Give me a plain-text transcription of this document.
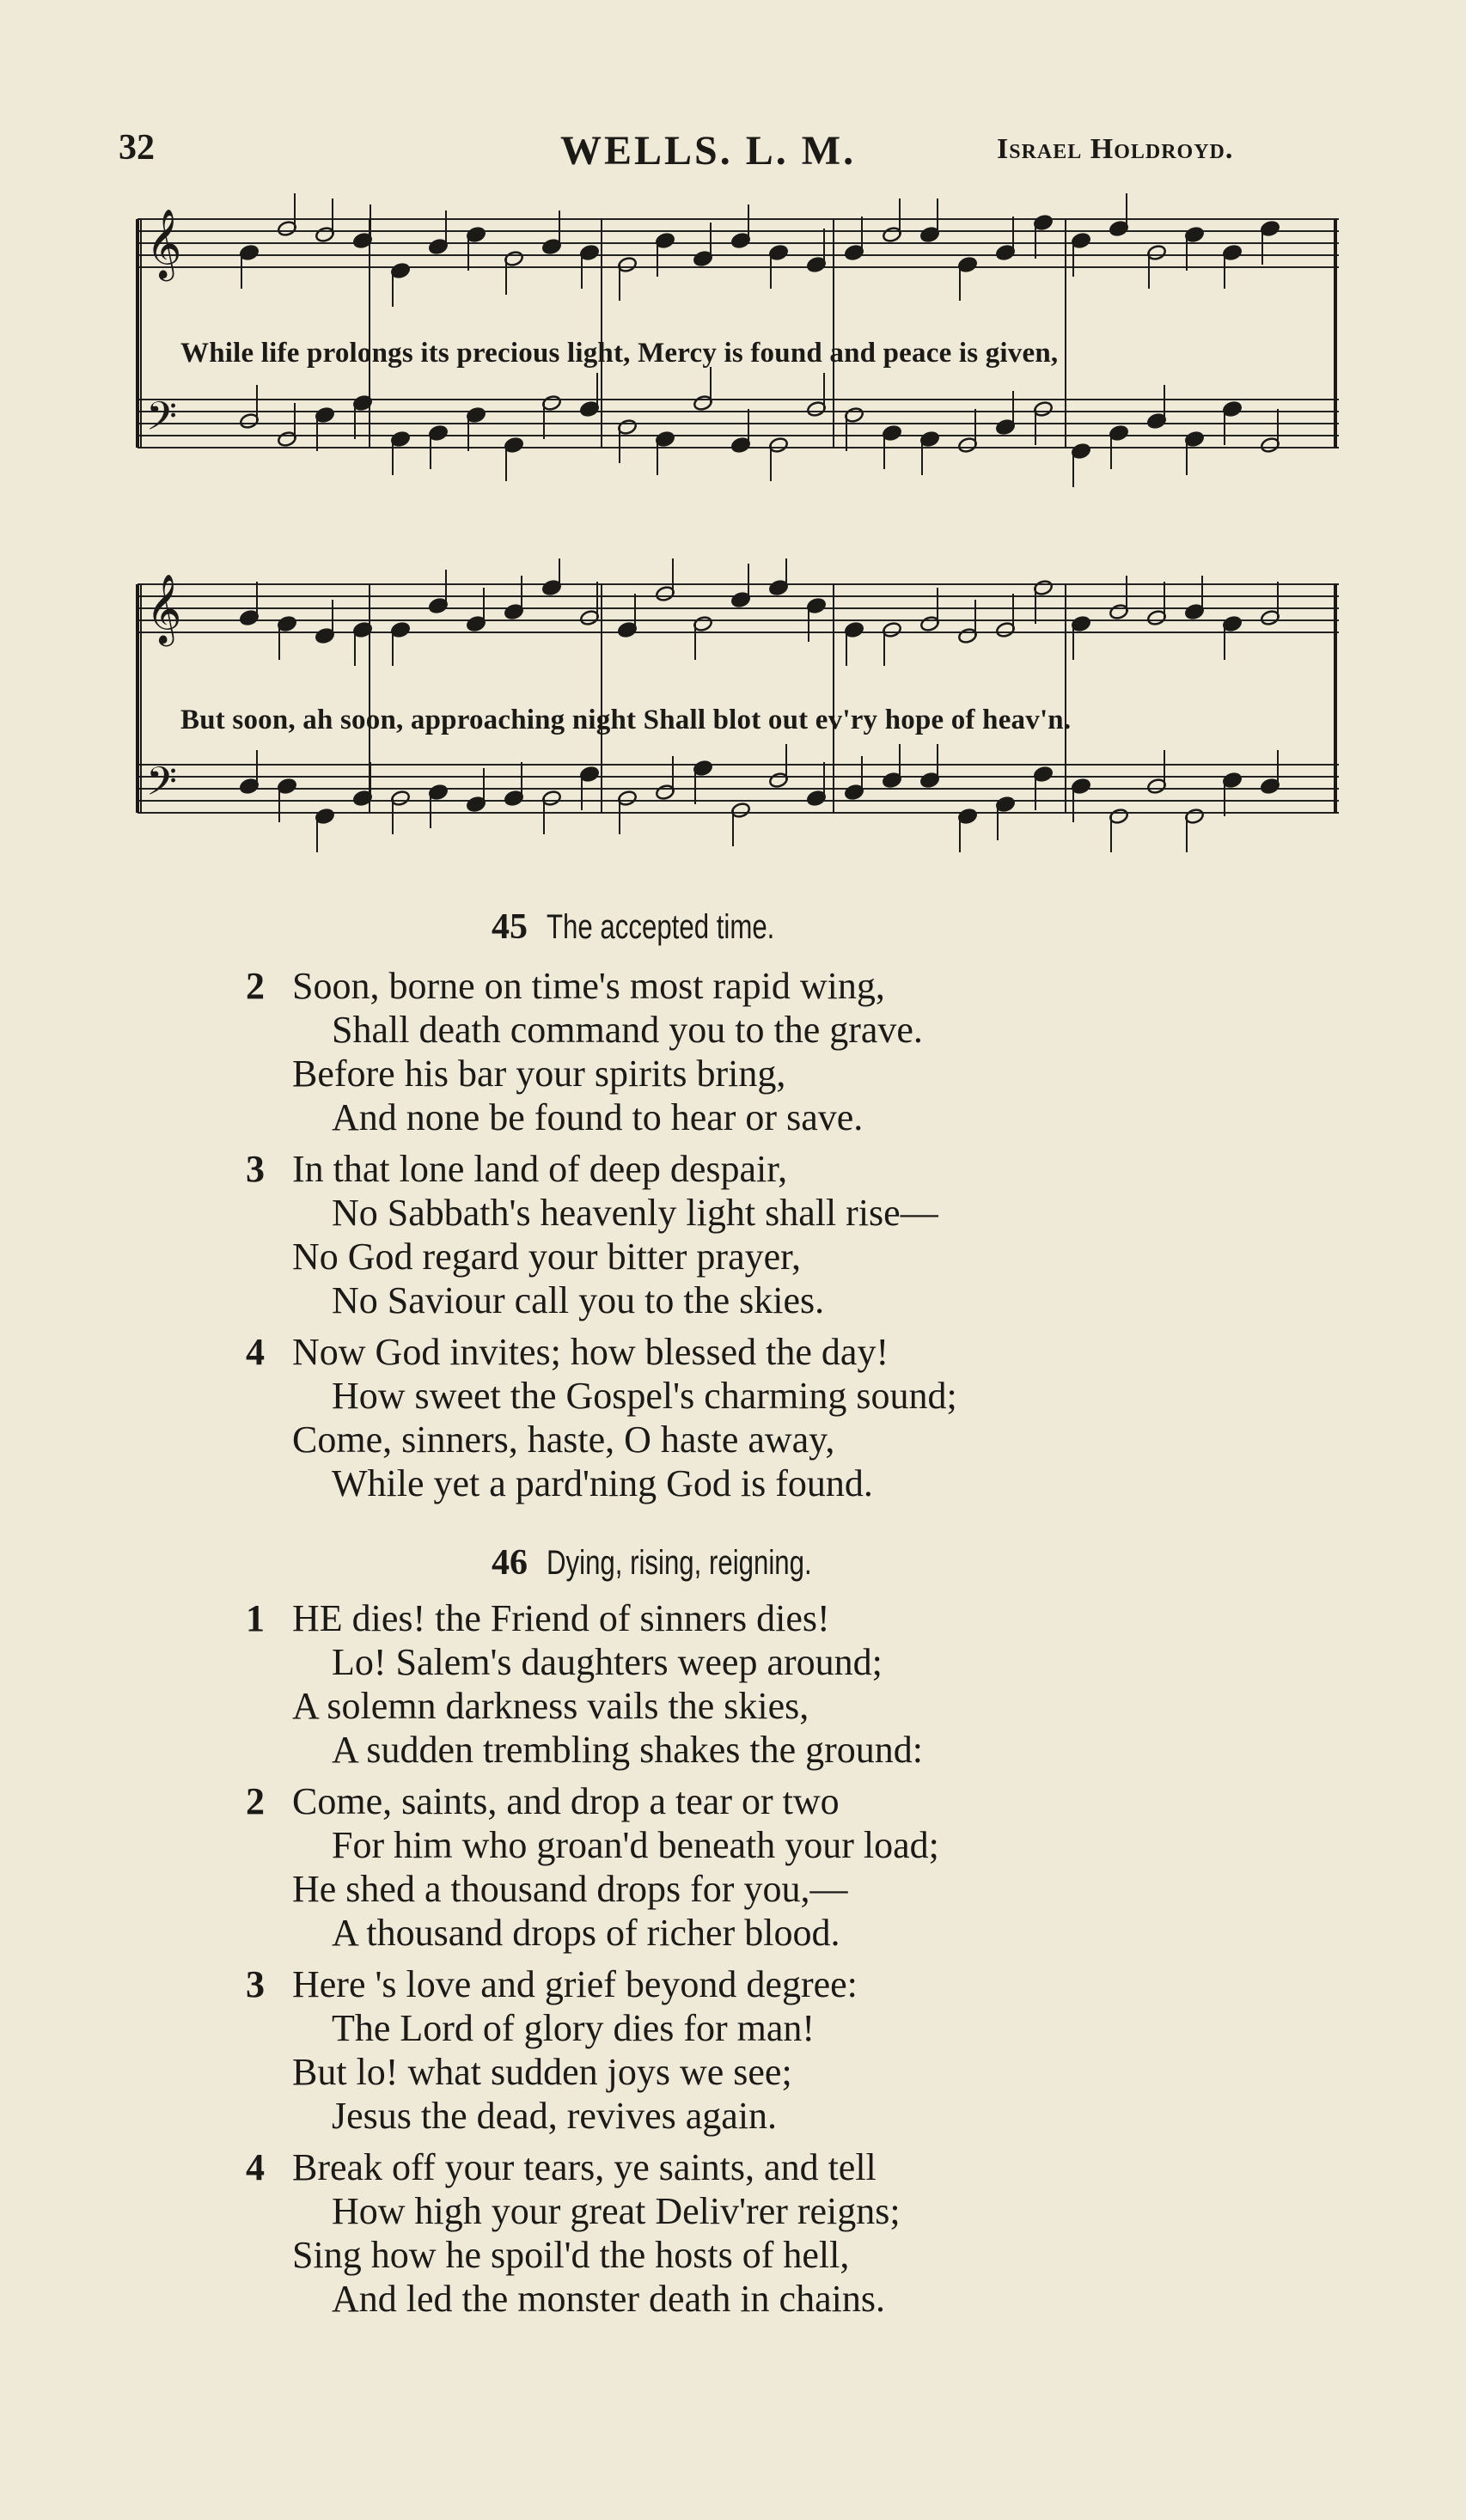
32	WELLS. L. M.	Israel Holdroyd.
𝄞
𝄢
While life prolongs its precious light, Mercy is found and peace is given,
𝄞
𝄢
But soon, ah soon, approaching night Shall blot out ev'ry hope of heav'n.
45 The accepted time.
2 Soon, borne on time's most rapid wing,
Shall death command you to the grave.
Before his bar your spirits bring,
And none be found to hear or save.
3 In that lone land of deep despair,
No Sabbath's heavenly light shall rise—
No God regard your bitter prayer,
No Saviour call you to the skies.
4 Now God invites; how blessed the day!
How sweet the Gospel's charming sound;
Come, sinners, haste, O haste away,
While yet a pard'ning God is found.
46 Dying, rising, reigning.
1 HE dies! the Friend of sinners dies!
Lo! Salem's daughters weep around;
A solemn darkness vails the skies,
A sudden trembling shakes the ground:
2 Come, saints, and drop a tear or two
For him who groan'd beneath your load;
He shed a thousand drops for you,—
A thousand drops of richer blood.
3 Here 's love and grief beyond degree:
The Lord of glory dies for man!
But lo! what sudden joys we see;
Jesus the dead, revives again.
4 Break off your tears, ye saints, and tell
How high your great Deliv'rer reigns;
Sing how he spoil'd the hosts of hell,
And led the monster death in chains.
